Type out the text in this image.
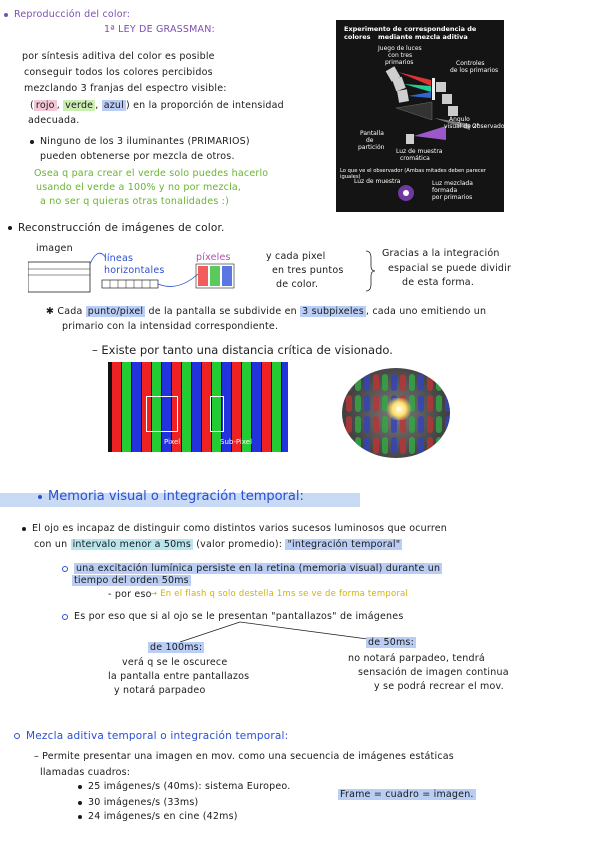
Reproducción del color:
1ª LEY DE GRASSMAN:
por síntesis aditiva del color es posible
conseguir todos los colores percibidos
mezclando 3 franjas del espectro visible:
( rojo , verde , azul ) en la proporción de intensidad
adecuada.
Ninguno de los 3 iluminantes (PRIMARIOS)
pueden obtenerse por mezcla de otros.
Osea q para crear el verde solo puedes hacerlo
usando el verde a 100% y no por mezcla,
a no ser q quieras otras tonalidades :)
Experimento de correspondencia de colores	mediante mezcla aditiva
Juego de luces
con tres
primarios	Controles
de los primarios
Ángulo
visual de 2°
Observador
Pantalla
de
partición
Luz de muestra
cromática
Lo que ve el observador (Ambas mitades deben parecer iguales)
Luz de muestra	Luz mezclada
formada
por primarios
Reconstrucción de imágenes de color.
imagen
líneas
horizontales
píxeles	y cada pixel
en tres puntos
de color.
Gracias a la integración
espacial se puede dividir
de esta forma.
✱ Cada punto/pixel de la pantalla se subdivide en 3 subpixeles , cada uno emitiendo un
primario con la intensidad correspondiente.
– Existe por tanto una distancia crítica de visionado.
Pixel	Sub-Pixel
Memoria visual o integración temporal:
El ojo es incapaz de distinguir como distintos varios sucesos luminosos que ocurren
con un intervalo menor a 50ms (valor promedio): "integración temporal"
una excitación lumínica persiste en la retina (memoria visual) durante un
tiempo del orden 50ms
- por eso
→ En el flash q solo destella 1ms se ve de forma temporal
Es por eso que si al ojo se le presentan "pantallazos" de imágenes
de 100ms:	de 50ms:
verá q se le oscurece
la pantalla entre pantallazos
y notará parpadeo
no notará parpadeo, tendrá
sensación de imagen continua
y se podrá recrear el mov.
Mezcla aditiva temporal o integración temporal:
– Permite presentar una imagen en mov. como una secuencia de imágenes estáticas
llamadas cuadros:
25 imágenes/s (40ms): sistema Europeo.
30 imágenes/s (33ms)
24 imágenes/s en cine (42ms)
Frame = cuadro = imagen.
